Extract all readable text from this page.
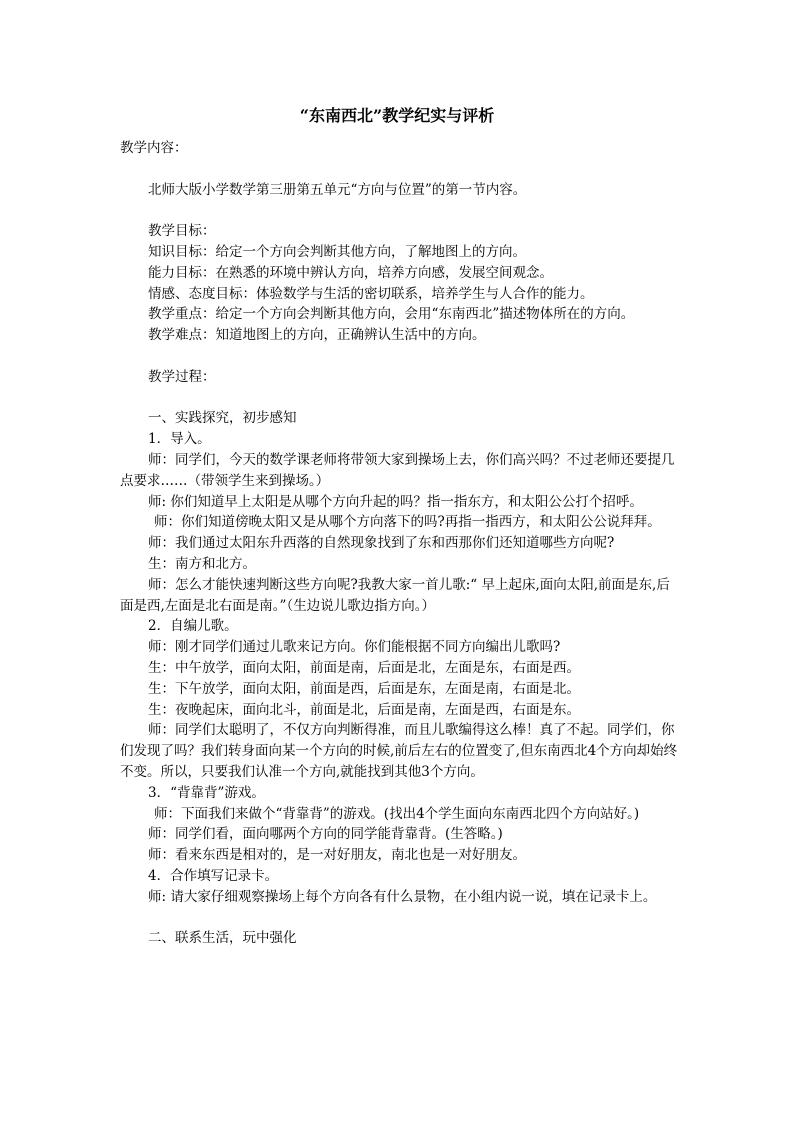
“东南西北”教学纪实与评析

教学内容：

北师大版小学数学第三册第五单元“方向与位置”的第一节内容。

教学目标：

知识目标：给定一个方向会判断其他方向，了解地图上的方向。

能力目标：在熟悉的环境中辨认方向，培养方向感，发展空间观念。

情感、态度目标：体验数学与生活的密切联系，培养学生与人合作的能力。

教学重点：给定一个方向会判断其他方向，会用“东南西北”描述物体所在的方向。

教学难点：知道地图上的方向，正确辨认生活中的方向。

教学过程：

一、实践探究，初步感知

1．导入。

师：同学们，今天的数学课老师将带领大家到操场上去，你们高兴吗？不过老师还要提几点要求……（带领学生来到操场。）

师: 你们知道早上太阳是从哪个方向升起的吗？指一指东方，和太阳公公打个招呼。

师：你们知道傍晚太阳又是从哪个方向落下的吗?再指一指西方，和太阳公公说拜拜。

师：我们通过太阳东升西落的自然现象找到了东和西那你们还知道哪些方向呢?

生：南方和北方。

师：怎么才能快速判断这些方向呢?我教大家一首儿歌:“ 早上起床,面向太阳,前面是东,后面是西,左面是北右面是南。”（生边说儿歌边指方向。）

2．自编儿歌。

师：刚才同学们通过儿歌来记方向。你们能根据不同方向编出儿歌吗?

生：中午放学，面向太阳，前面是南，后面是北，左面是东，右面是西。

生：下午放学，面向太阳，前面是西，后面是东，左面是南，右面是北。

生：夜晚起床，面向北斗，前面是北，后面是南，左面是西，右面是东。

师：同学们太聪明了，不仅方向判断得准，而且儿歌编得这么棒！真了不起。同学们，你们发现了吗？我们转身面向某一个方向的时候,前后左右的位置变了,但东南西北4个方向却始终不变。所以，只要我们认准一个方向,就能找到其他3个方向。

3．“背靠背”游戏。

师：下面我们来做个“背靠背”的游戏。(找出4个学生面向东南西北四个方向站好。)

师：同学们看，面向哪两个方向的同学能背靠背。(生答略。)

师：看来东西是相对的，是一对好朋友，南北也是一对好朋友。

4．合作填写记录卡。

师: 请大家仔细观察操场上每个方向各有什么景物，在小组内说一说，填在记录卡上。

二、联系生活，玩中强化
